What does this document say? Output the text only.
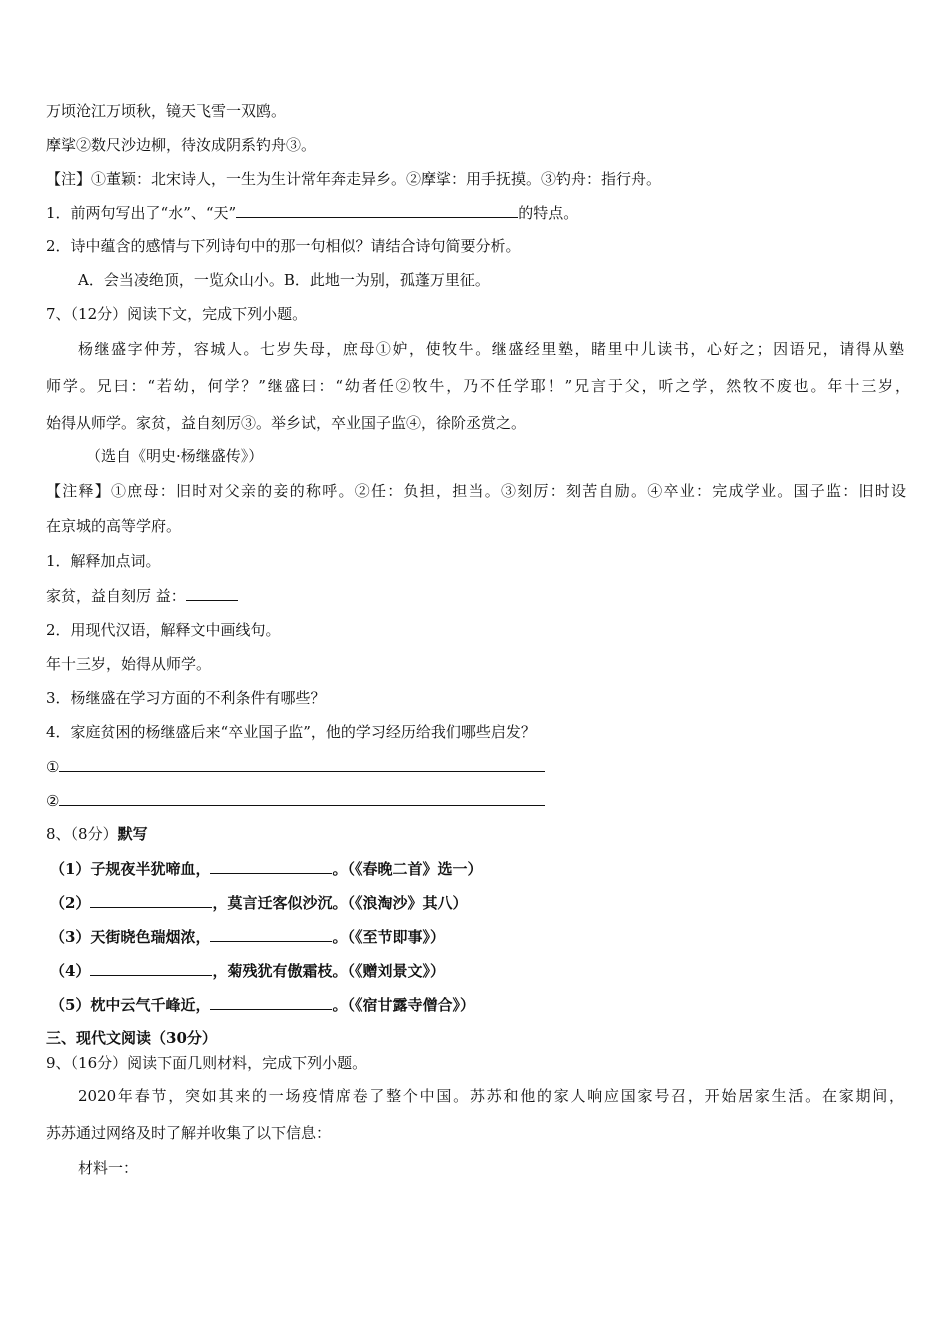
万顷沧江万顷秋，镜天飞雪一双鸥。
摩挲②数尺沙边柳，待汝成阴系钓舟③。
【注】①董颖：北宋诗人，一生为生计常年奔走异乡。②摩挲：用手抚摸。③钓舟：指行舟。
1．前两句写出了“水”、“天”	的特点。
2．诗中蕴含的感情与下列诗句中的那一句相似？请结合诗句简要分析。
A．会当凌绝顶，一览众山小。B．此地一为别，孤蓬万里征。
7、（12分）阅读下文，完成下列小题。
杨继盛字仲芳，容城人。七岁失母，庶母①妒，使牧牛。继盛经里塾，睹里中儿读书，心好之；因语兄，请得从塾
师学。兄曰：“若幼，何学？”继盛曰：“幼者任②牧牛，乃不任学耶！”兄言于父，听之学，然牧不废也。年十三岁，
始得从师学。家贫，益自刻厉③。举乡试，卒业国子监④，徐阶丞赏之。
（选自《明史·杨继盛传》）
【注释】①庶母：旧时对父亲的妾的称呼。②任：负担，担当。③刻厉：刻苦自励。④卒业：完成学业。国子监：旧时设
在京城的高等学府。
1．解释加点词。
家贫，益自刻厉 益：
2．用现代汉语，解释文中画线句。
年十三岁，始得从师学。
3．杨继盛在学习方面的不利条件有哪些？
4．家庭贫困的杨继盛后来“卒业国子监”，他的学习经历给我们哪些启发？
①
②
8、（8分）默写
（1）子规夜半犹啼血，	。（《春晚二首》选一）
（2）	，莫言迁客似沙沉。（《浪淘沙》其八）
（3）天街晓色瑞烟浓，	。（《至节即事》）
（4）	，菊残犹有傲霜枝。（《赠刘景文》）
（5）枕中云气千峰近，	。（《宿甘露寺僧合》）
三、现代文阅读（30分）
9、（16分）阅读下面几则材料，完成下列小题。
2020年春节，突如其来的一场疫情席卷了整个中国。苏苏和他的家人响应国家号召，开始居家生活。在家期间，
苏苏通过网络及时了解并收集了以下信息：
材料一：
